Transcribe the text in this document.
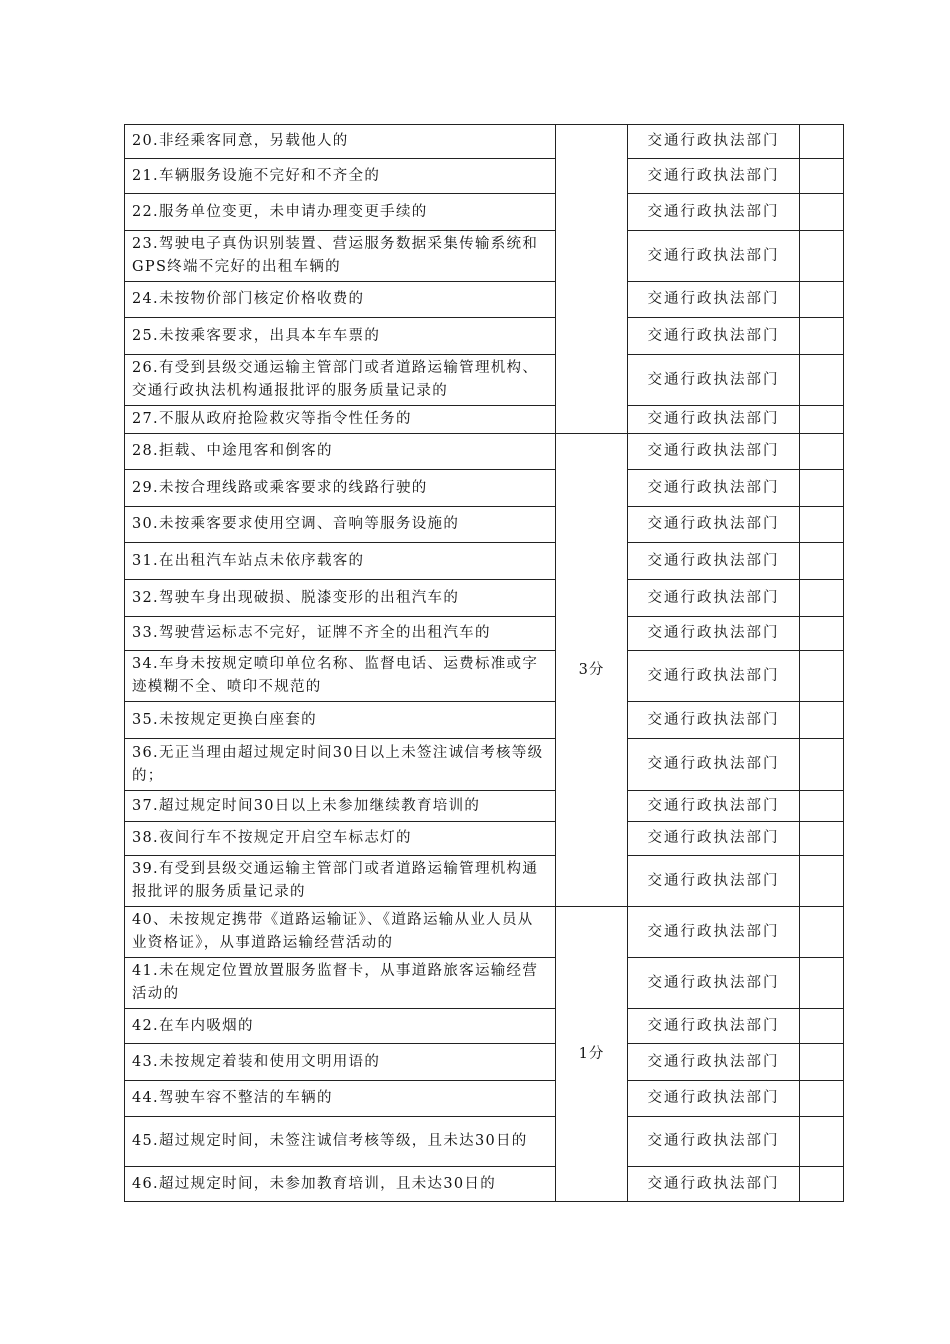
20.非经乘客同意，另载他人的		交通行政执法部门	
21.车辆服务设施不完好和不齐全的		交通行政执法部门	
22.服务单位变更，未申请办理变更手续的		交通行政执法部门	
23.驾驶电子真伪识别装置、营运服务数据采集传输系统和GPS终端不完好的出租车辆的		交通行政执法部门	
24.未按物价部门核定价格收费的		交通行政执法部门	
25.未按乘客要求，出具本车车票的		交通行政执法部门	
26.有受到县级交通运输主管部门或者道路运输管理机构、交通行政执法机构通报批评的服务质量记录的		交通行政执法部门	
27.不服从政府抢险救灾等指令性任务的		交通行政执法部门	
28.拒载、中途甩客和倒客的	3分	交通行政执法部门	
29.未按合理线路或乘客要求的线路行驶的		交通行政执法部门	
30.未按乘客要求使用空调、音响等服务设施的		交通行政执法部门	
31.在出租汽车站点未依序载客的		交通行政执法部门	
32.驾驶车身出现破损、脱漆变形的出租汽车的		交通行政执法部门	
33.驾驶营运标志不完好，证牌不齐全的出租汽车的		交通行政执法部门	
34.车身未按规定喷印单位名称、监督电话、运费标准或字迹模糊不全、喷印不规范的		交通行政执法部门	
35.未按规定更换白座套的		交通行政执法部门	
36.无正当理由超过规定时间30日以上未签注诚信考核等级的；		交通行政执法部门	
37.超过规定时间30日以上未参加继续教育培训的		交通行政执法部门	
38.夜间行车不按规定开启空车标志灯的		交通行政执法部门	
39.有受到县级交通运输主管部门或者道路运输管理机构通报批评的服务质量记录的		交通行政执法部门	
40、未按规定携带《道路运输证》、《道路运输从业人员从业资格证》，从事道路运输经营活动的	1分	交通行政执法部门	
41.未在规定位置放置服务监督卡，从事道路旅客运输经营活动的		交通行政执法部门	
42.在车内吸烟的		交通行政执法部门	
43.未按规定着装和使用文明用语的		交通行政执法部门	
44.驾驶车容不整洁的车辆的		交通行政执法部门	
45.超过规定时间，未签注诚信考核等级，且未达30日的		交通行政执法部门	
46.超过规定时间，未参加教育培训，且未达30日的		交通行政执法部门	
